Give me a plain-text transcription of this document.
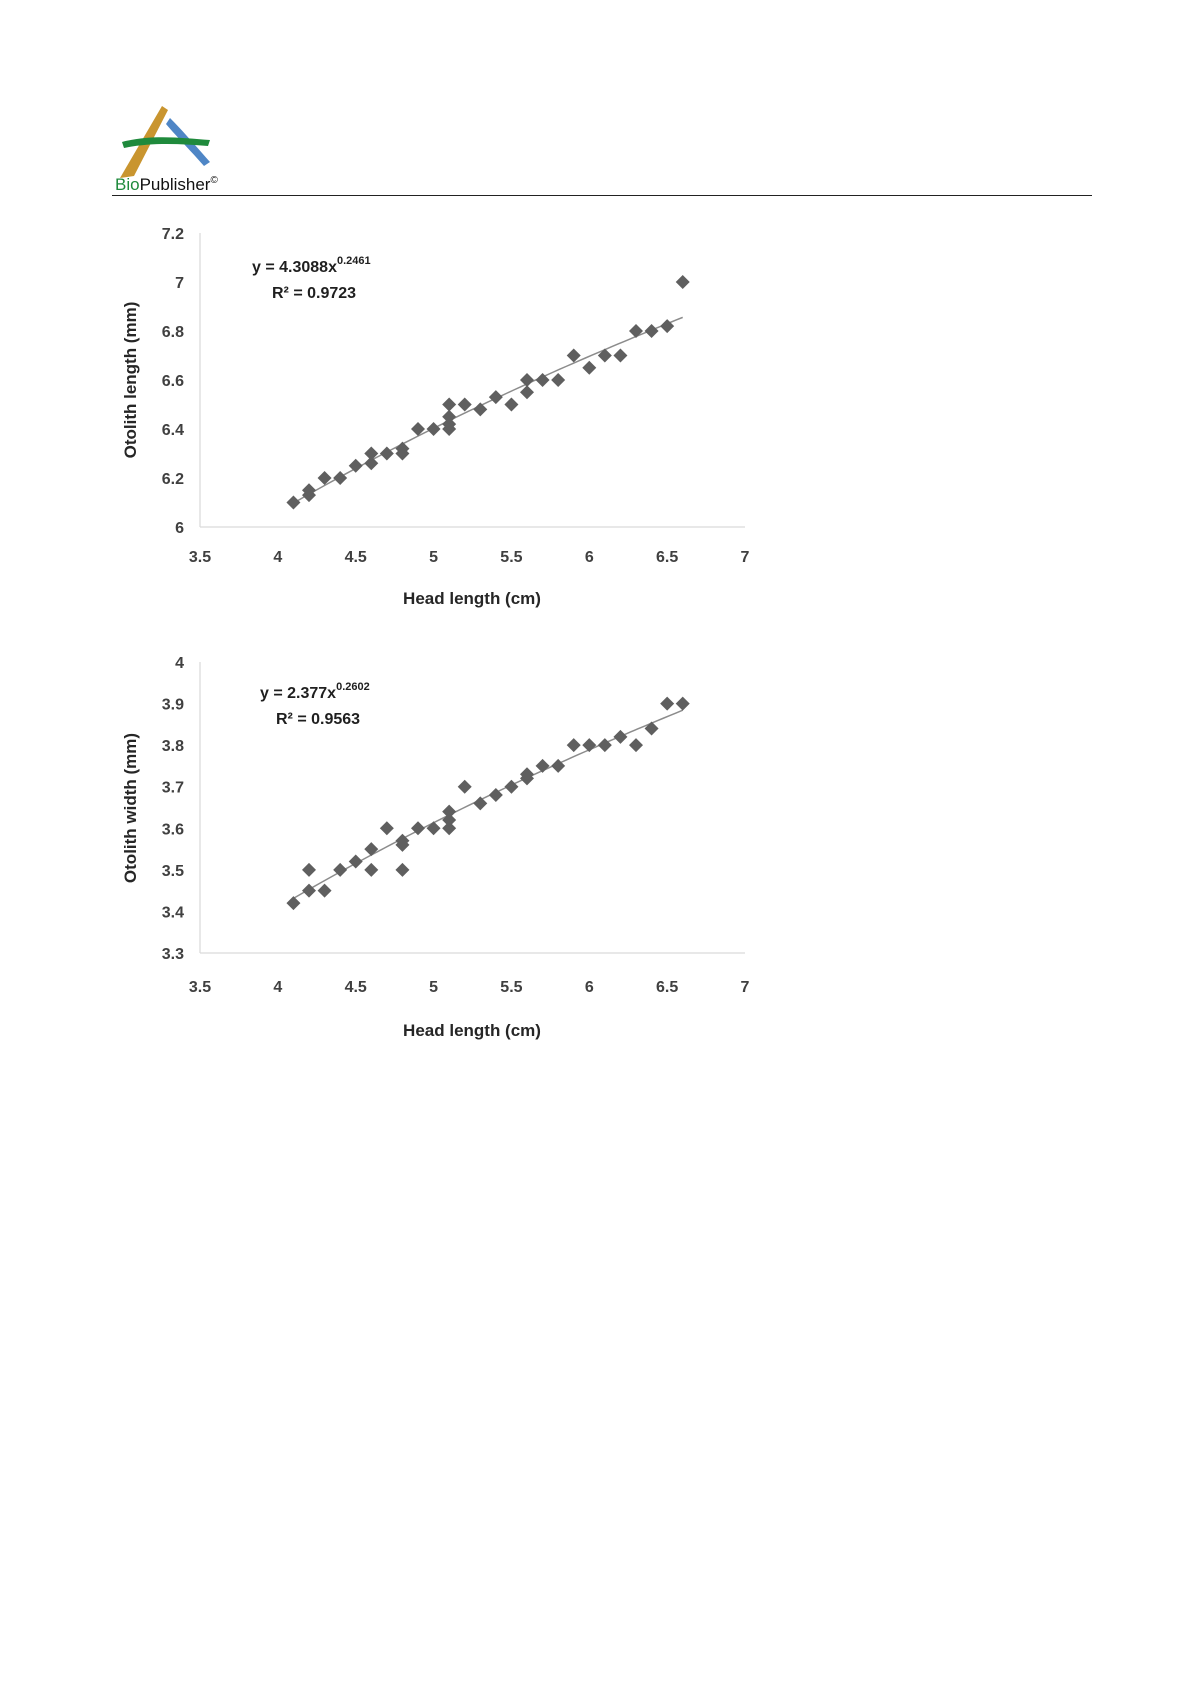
BioPublisher©
3.5	4	4.5	5	5.5	6	6.5	7
6
6.2
6.4
6.6
6.8
7
7.2
Head length (cm)
Otolith length (mm)
$y = 4.3088x^{0.2461}$
R² = 0.9723
3.5	4	4.5	5	5.5	6	6.5	7
3.3
3.4
3.5
3.6
3.7
3.8
3.9
4
Head length (cm)
Otolith width (mm)
$y = 2.377x^{0.2602}$
R² = 0.9563
